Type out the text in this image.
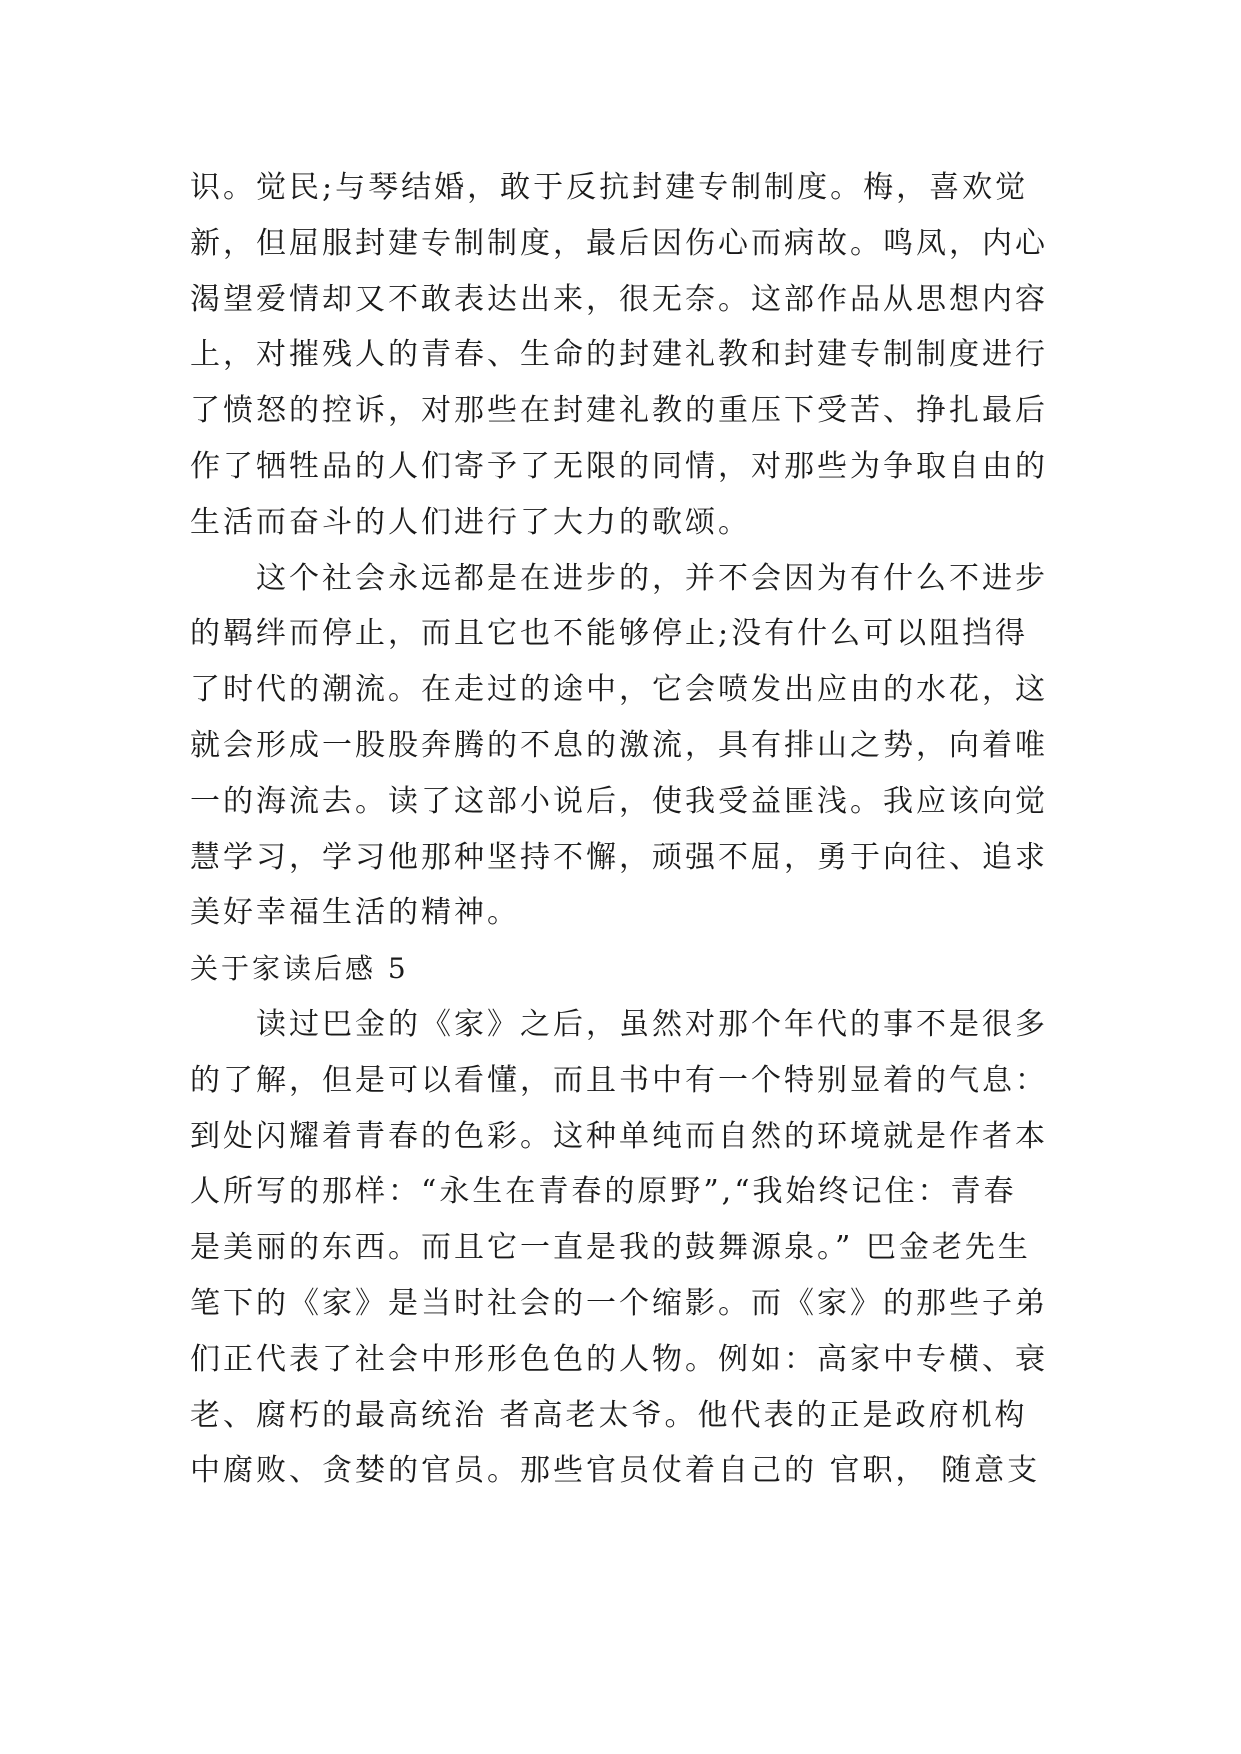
识。觉民;与琴结婚，敢于反抗封建专制制度。梅，喜欢觉
新，但屈服封建专制制度，最后因伤心而病故。鸣凤，内心
渴望爱情却又不敢表达出来，很无奈。这部作品从思想内容
上，对摧残人的青春、生命的封建礼教和封建专制制度进行
了愤怒的控诉，对那些在封建礼教的重压下受苦、挣扎最后
作了牺牲品的人们寄予了无限的同情，对那些为争取自由的
生活而奋斗的人们进行了大力的歌颂。
　　这个社会永远都是在进步的，并不会因为有什么不进步
的羁绊而停止，而且它也不能够停止;没有什么可以阻挡得
了时代的潮流。在走过的途中，它会喷发出应由的水花，这
就会形成一股股奔腾的不息的激流，具有排山之势，向着唯
一的海流去。读了这部小说后，使我受益匪浅。我应该向觉
慧学习，学习他那种坚持不懈，顽强不屈，勇于向往、追求
美好幸福生活的精神。
关于家读后感 5
　　读过巴金的《家》之后，虽然对那个年代的事不是很多
的了解，但是可以看懂，而且书中有一个特别显着的气息：
到处闪耀着青春的色彩。这种单纯而自然的环境就是作者本
人所写的那样：“永生在青春的原野”,“我始终记住：青春
是美丽的东西。而且它一直是我的鼓舞源泉。” 巴金老先生
笔下的《家》是当时社会的一个缩影。而《家》的那些子弟
们正代表了社会中形形色色的人物。例如：高家中专横、衰
老、腐朽的最高统治 者高老太爷。他代表的正是政府机构
中腐败、贪婪的官员。那些官员仗着自己的 官职， 随意支
